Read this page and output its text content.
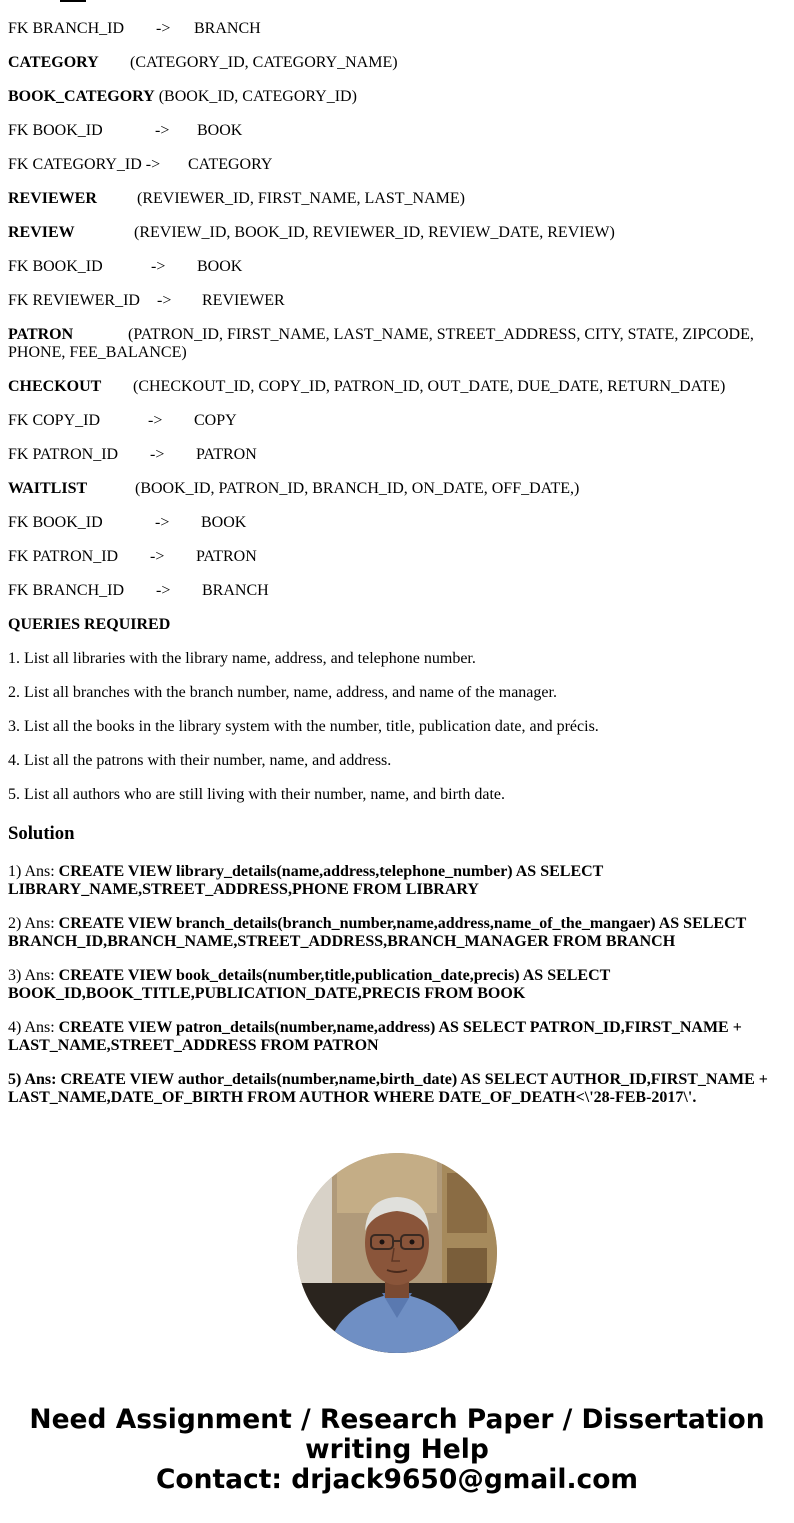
FK BRANCH_ID -> BRANCH
CATEGORY (CATEGORY_ID, CATEGORY_NAME)
BOOK_CATEGORY (BOOK_ID, CATEGORY_ID)
FK BOOK_ID	-> BOOK
FK CATEGORY_ID -> CATEGORY
REVIEWER	(REVIEWER_ID, FIRST_NAME, LAST_NAME)
REVIEW	(REVIEW_ID, BOOK_ID, REVIEWER_ID, REVIEW_DATE, REVIEW)
FK BOOK_ID	-> BOOK
FK REVIEWER_ID -> REVIEWER
PATRON	(PATRON_ID, FIRST_NAME, LAST_NAME, STREET_ADDRESS, CITY, STATE, ZIPCODE,
PHONE, FEE_BALANCE)
CHECKOUT (CHECKOUT_ID, COPY_ID, PATRON_ID, OUT_DATE, DUE_DATE, RETURN_DATE)
FK COPY_ID	-> COPY
FK PATRON_ID -> PATRON
WAITLIST	(BOOK_ID, PATRON_ID, BRANCH_ID, ON_DATE, OFF_DATE,)
FK BOOK_ID	-> BOOK
FK PATRON_ID -> PATRON
FK BRANCH_ID -> BRANCH
QUERIES REQUIRED
1. List all libraries with the library name, address, and telephone number.
2. List all branches with the branch number, name, address, and name of the manager.
3. List all the books in the library system with the number, title, publication date, and précis.
4. List all the patrons with their number, name, and address.
5. List all authors who are still living with their number, name, and birth date.
Solution
1) Ans: CREATE VIEW library_details(name,address,telephone_number) AS SELECT LIBRARY_NAME,STREET_ADDRESS,PHONE FROM LIBRARY
2) Ans: CREATE VIEW branch_details(branch_number,name,address,name_of_the_mangaer) AS SELECT BRANCH_ID,BRANCH_NAME,STREET_ADDRESS,BRANCH_MANAGER FROM BRANCH
3) Ans: CREATE VIEW book_details(number,title,publication_date,precis) AS SELECT BOOK_ID,BOOK_TITLE,PUBLICATION_DATE,PRECIS FROM BOOK
4) Ans: CREATE VIEW patron_details(number,name,address) AS SELECT PATRON_ID,FIRST_NAME + LAST_NAME,STREET_ADDRESS FROM PATRON
5) Ans: CREATE VIEW author_details(number,name,birth_date) AS SELECT AUTHOR_ID,FIRST_NAME + LAST_NAME,DATE_OF_BIRTH FROM AUTHOR WHERE DATE_OF_DEATH<\'28-FEB-2017\'.
Need Assignment / Research Paper / Dissertation
writing Help
Contact: drjack9650@gmail.com
